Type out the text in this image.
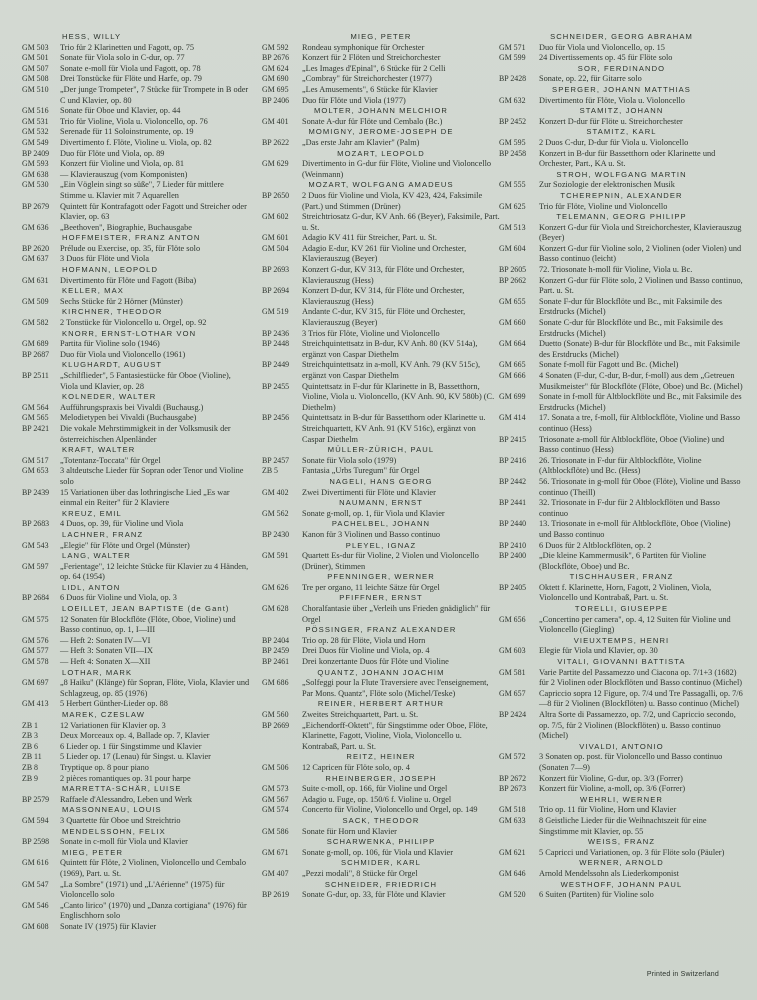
HESS, WILLY
GM 503	Trio für 2 Klarinetten und Fagott, op. 75
GM 501	Sonate für Viola solo in C-dur, op. 77
GM 507	Sonate e-moll für Viola und Fagott, op. 78
GM 508	Drei Tonstücke für Flöte und Harfe, op. 79
GM 510	„Der junge Trompeter", 7 Stücke für Trompete in B oder C und Klavier, op. 80
GM 516	Sonate für Oboe und Klavier, op. 44
GM 531	Trio für Violine, Viola u. Violoncello, op. 76
GM 532	Serenade für 11 Soloinstrumente, op. 19
GM 549	Divertimento f. Flöte, Violine u. Viola, op. 82
BP 2409	Duo für Flöte und Viola, op. 89
GM 593	Konzert für Violine und Viola, op. 81
GM 638	— Klavierauszug (vom Komponisten)
GM 530	„Ein Vöglein singt so süße", 7 Lieder für mittlere Stimme u. Klavier mit 7 Aquarellen
BP 2679	Quintett für Kontrafagott oder Fagott und Streicher oder Klavier, op. 63
GM 636	„Beethoven", Biographie, Buchausgabe
HOFFMEISTER, FRANZ ANTON
BP 2620	Prélude ou Exercise, op. 35, für Flöte solo
GM 637	3 Duos für Flöte und Viola
HOFMANN, LEOPOLD
GM 631	Divertimento für Flöte und Fagott (Biba)
KELLER, MAX
GM 509	Sechs Stücke für 2 Hörner (Münster)
KIRCHNER, THEODOR
GM 582	2 Tonstücke für Violoncello u. Orgel, op. 92
KNORR, ERNST-LOTHAR VON
GM 689	Partita für Violine solo (1946)
BP 2687	Duo für Viola und Violoncello (1961)
KLUGHARDT, AUGUST
BP 2511	„Schilflieder", 5 Fantasiestücke für Oboe (Violine), Viola und Klavier, op. 28
KOLNEDER, WALTER
GM 564	Aufführungspraxis bei Vivaldi (Buchausg.)
GM 565	Melodietypen bei Vivaldi (Buchausgabe)
BP 2421	Die vokale Mehrstimmigkeit in der Volksmusik der österreichischen Alpenländer
KRAFT, WALTER
GM 517	„Totentanz-Toccata" für Orgel
GM 653	3 altdeutsche Lieder für Sopran oder Tenor und Violine solo
BP 2439	15 Variationen über das lothringische Lied „Es war einmal ein Reiter" für 2 Klaviere
KREUZ, EMIL
BP 2683	4 Duos, op. 39, für Violine und Viola
LACHNER, FRANZ
GM 543	„Elegie" für Flöte und Orgel (Münster)
LANG, WALTER
GM 597	„Ferientage", 12 leichte Stücke für Klavier zu 4 Händen, op. 64 (1954)
LIDL, ANTON
BP 2684	6 Duos für Violine und Viola, op. 3
LOEILLET, JEAN BAPTISTE (de Gant)
GM 575	12 Sonaten für Blockflöte (Flöte, Oboe, Violine) und Basso continuo, op. 1, I—III
GM 576	— Heft 2: Sonaten IV—VI
GM 577	— Heft 3: Sonaten VII—IX
GM 578	— Heft 4: Sonaten X—XII
LOTHAR, MARK
GM 697	„8 Haiku" (Klänge) für Sopran, Flöte, Viola, Klavier und Schlagzeug, op. 85 (1976)
GM 413	5 Herbert Günther-Lieder op. 88
MAREK, CZESLAW
ZB 1	12 Variationen für Klavier op. 3
ZB 3	Deux Morceaux op. 4, Ballade op. 7, Klavier
ZB 6	6 Lieder op. 1 für Singstimme und Klavier
ZB 11	5 Lieder op. 17 (Lenau) für Singst. u. Klavier
ZB 8	Tryptique op. 8 pour piano
ZB 9	2 pièces romantiques op. 31 pour harpe
MARRETTA-SCHÄR, LUISE
BP 2579	Raffaele d'Alessandro, Leben und Werk
MASSONNEAU, LOUIS
GM 594	3 Quartette für Oboe und Streichtrio
MENDELSSOHN, FELIX
BP 2598	Sonate in c-moll für Viola und Klavier
MIEG, PETER
GM 616	Quintett für Flöte, 2 Violinen, Violoncello und Cembalo (1969), Part. u. St.
GM 547	„La Sombre" (1971) und „L'Aérienne" (1975) für Violoncello solo
GM 546	„Canto lirico" (1970) und „Danza cortigiana" (1976) für Englischhorn solo
GM 608	Sonate IV (1975) für Klavier
MIEG, PETER
GM 592	Rondeau symphonique für Orchester
BP 2676	Konzert für 2 Flöten und Streichorchester
GM 624	„Les Images d'Epinal", 6 Stücke für 2 Celli
GM 690	„Combray" für Streichorchester (1977)
GM 695	„Les Amusements", 6 Stücke für Klavier
BP 2406	Duo für Flöte und Viola (1977)
MOLTER, JOHANN MELCHIOR
GM 401	Sonate A-dur für Flöte und Cembalo (Bc.)
MOMIGNY, JEROME-JOSEPH DE
BP 2622	„Das erste Jahr am Klavier" (Palm)
MOZART, LEOPOLD
GM 629	Divertimento in G-dur für Flöte, Violine und Violoncello (Weinmann)
MOZART, WOLFGANG AMADEUS
BP 2650	2 Duos für Violine und Viola, KV 423, 424, Faksimile (Part.) und Stimmen (Drüner)
GM 602	Streichtriosatz G-dur, KV Anh. 66 (Beyer), Faksimile, Part. u. St.
GM 601	Adagio KV 411 für Streicher, Part. u. St.
GM 504	Adagio E-dur, KV 261 für Violine und Orchester, Klavierauszug (Beyer)
BP 2693	Konzert G-dur, KV 313, für Flöte und Orchester, Klavierauszug (Hess)
BP 2694	Konzert D-dur, KV 314, für Flöte und Orchester, Klavierauszug (Hess)
GM 519	Andante C-dur, KV 315, für Flöte und Orchester, Klavierauszug (Beyer)
BP 2436	3 Trios für Flöte, Violine und Violoncello
BP 2448	Streichquintettsatz in B-dur, KV Anh. 80 (KV 514a), ergänzt von Caspar Diethelm
BP 2449	Streichquintettsatz in a-moll, KV Anh. 79 (KV 515c), ergänzt von Caspar Diethelm
BP 2455	Quintettsatz in F-dur für Klarinette in B, Bassetthorn, Violine, Viola u. Violoncello, (KV Anh. 90, KV 580b) (C. Diethelm)
BP 2456	Quintettsatz in B-dur für Bassetthorn oder Klarinette u. Streichquartett, KV Anh. 91 (KV 516c), ergänzt von Caspar Diethelm
MÜLLER-ZÜRICH, PAUL
BP 2457	Sonate für Viola solo (1979)
ZB 5	Fantasia „Urbs Turegum" für Orgel
NAGELI, HANS GEORG
GM 402	Zwei Divertimenti für Flöte und Klavier
NAUMANN, ERNST
GM 562	Sonate g-moll, op. 1, für Viola und Klavier
PACHELBEL, JOHANN
BP 2430	Kanon für 3 Violinen und Basso continuo
PLEYEL, IGNAZ
GM 591	Quartett Es-dur für Violine, 2 Violen und Violoncello (Drüner), Stimmen
PFENNINGER, WERNER
GM 626	Tre per organo, 11 leichte Sätze für Orgel
PFIFFNER, ERNST
GM 628	Choralfantasie über „Verleih uns Frieden gnädiglich" für Orgel
PÖSSINGER, FRANZ ALEXANDER
BP 2404	Trio op. 28 für Flöte, Viola und Horn
BP 2459	Drei Duos für Violine und Viola, op. 4
BP 2461	Drei konzertante Duos für Flöte und Violine
QUANTZ, JOHANN JOACHIM
GM 686	„Solfeggi pour la Flute Traversiere avec l'enseignement, Par Mons. Quantz", Flöte solo (Michel/Teske)
REINER, HERBERT ARTHUR
GM 560	Zweites Streichquartett, Part. u. St.
BP 2669	„Eichendorff-Oktett", für Singstimme oder Oboe, Flöte, Klarinette, Fagott, Violine, Viola, Violoncello u. Kontrabaß, Part. u. St.
REITZ, HEINER
GM 506	12 Capricen für Flöte solo, op. 4
RHEINBERGER, JOSEPH
GM 573	Suite c-moll, op. 166, für Violine und Orgel
GM 567	Adagio u. Fuge, op. 150/6 f. Violine u. Orgel
GM 574	Concerto für Violine, Violoncello und Orgel, op. 149
SACK, THEODOR
GM 586	Sonate für Horn und Klavier
SCHARWENKA, PHILIPP
GM 671	Sonate g-moll, op. 106, für Viola und Klavier
SCHMIDER, KARL
GM 407	„Pezzi modali", 8 Stücke für Orgel
SCHNEIDER, FRIEDRICH
BP 2619	Sonate G-dur, op. 33, für Flöte und Klavier
SCHNEIDER, GEORG ABRAHAM
GM 571	Duo für Viola und Violoncello, op. 15
GM 599	24 Divertissements op. 45 für Flöte solo
SOR, FERDINANDO
BP 2428	Sonate, op. 22, für Gitarre solo
SPERGER, JOHANN MATTHIAS
GM 632	Divertimento für Flöte, Viola u. Violoncello
STAMITZ, JOHANN
BP 2452	Konzert D-dur für Flöte u. Streichorchester
STAMITZ, KARL
GM 595	2 Duos C-dur, D-dur für Viola u. Violoncello
BP 2458	Konzert in B-dur für Bassetthorn oder Klarinette und Orchester, Part., KA u. St.
STROH, WOLFGANG MARTIN
GM 555	Zur Soziologie der elektronischen Musik
TCHEREPNIN, ALEXANDER
GM 625	Trio für Flöte, Violine und Violoncello
TELEMANN, GEORG PHILIPP
GM 513	Konzert G-dur für Viola und Streichorchester, Klavierauszug (Beyer)
GM 604	Konzert G-dur für Violine solo, 2 Violinen (oder Violen) und Basso continuo (leicht)
BP 2605	72. Triosonate h-moll für Violine, Viola u. Bc.
BP 2662	Konzert G-dur für Flöte solo, 2 Violinen und Basso continuo, Part. u. St.
GM 655	Sonate F-dur für Blockflöte und Bc., mit Faksimile des Erstdrucks (Michel)
GM 660	Sonate C-dur für Blockflöte und Bc., mit Faksimile des Erstdrucks (Michel)
GM 664	Duetto (Sonate) B-dur für Blockflöte und Bc., mit Faksimile des Erstdrucks (Michel)
GM 665	Sonate f-moll für Fagott und Bc. (Michel)
GM 666	4 Sonaten (F-dur, C-dur, B-dur, f-moll) aus dem „Getreuen Musikmeister" für Blockflöte (Flöte, Oboe) und Bc. (Michel)
GM 699	Sonate in f-moll für Altblockflöte und Bc., mit Faksimile des Erstdrucks (Michel)
GM 414	17. Sonata a tre, f-moll, für Altblockflöte, Violine und Basso continuo (Hess)
BP 2415	Triosonate a-moll für Altblockflöte, Oboe (Violine) und Basso continuo (Hess)
BP 2416	26. Triosonate in F-dur für Altblockflöte, Violine (Altblockflöte) und Bc. (Hess)
BP 2442	56. Triosonate in g-moll für Oboe (Flöte), Violine und Basso continuo (Theill)
BP 2441	32. Triosonate in F-dur für 2 Altblockflöten und Basso continuo
BP 2440	13. Triosonate in e-moll für Altblockflöte, Oboe (Violine) und Basso continuo
BP 2410	6 Duos für 2 Altblockflöten, op. 2
BP 2400	„Die kleine Kammermusik", 6 Partiten für Violine (Blockflöte, Oboe) und Bc.
TISCHHAUSER, FRANZ
BP 2405	Oktett f. Klarinette, Horn, Fagott, 2 Violinen, Viola, Violoncello und Kontrabaß, Part. u. St.
TORELLI, GIUSEPPE
GM 656	„Concertino per camera", op. 4, 12 Suiten für Violine und Violoncello (Giegling)
VIEUXTEMPS, HENRI
GM 603	Elegie für Viola und Klavier, op. 30
VITALI, GIOVANNI BATTISTA
GM 581	Varie Partite del Passamezzo und Ciacona op. 7/1+3 (1682) für 2 Violinen oder Blockflöten und Basso continuo (Michel)
GM 657	Capriccio sopra 12 Figure, op. 7/4 und Tre Passagalli, op. 7/6—8 für 2 Violinen (Blockflöten) u. Basso continuo (Michel)
BP 2424	Altra Sorte di Passamezzo, op. 7/2, und Capriccio secondo, op. 7/5, für 2 Violinen (Blockflöten) u. Basso continuo (Michel)
VIVALDI, ANTONIO
GM 572	3 Sonaten op. post. für Violoncello und Basso continuo (Sonaten 7—9)
BP 2672	Konzert für Violine, G-dur, op. 3/3 (Forrer)
BP 2673	Konzert für Violine, a-moll, op. 3/6 (Forrer)
WEHRLI, WERNER
GM 518	Trio op. 11 für Violine, Horn und Klavier
GM 633	8 Geistliche Lieder für die Weihnachtszeit für eine Singstimme mit Klavier, op. 55
WEISS, FRANZ
GM 621	5 Capricci und Variationen, op. 3 für Flöte solo (Päuler)
WERNER, ARNOLD
GM 646	Arnold Mendelssohn als Liederkomponist
WESTHOFF, JOHANN PAUL
GM 520	6 Suiten (Partiten) für Violine solo
Printed in Switzerland
